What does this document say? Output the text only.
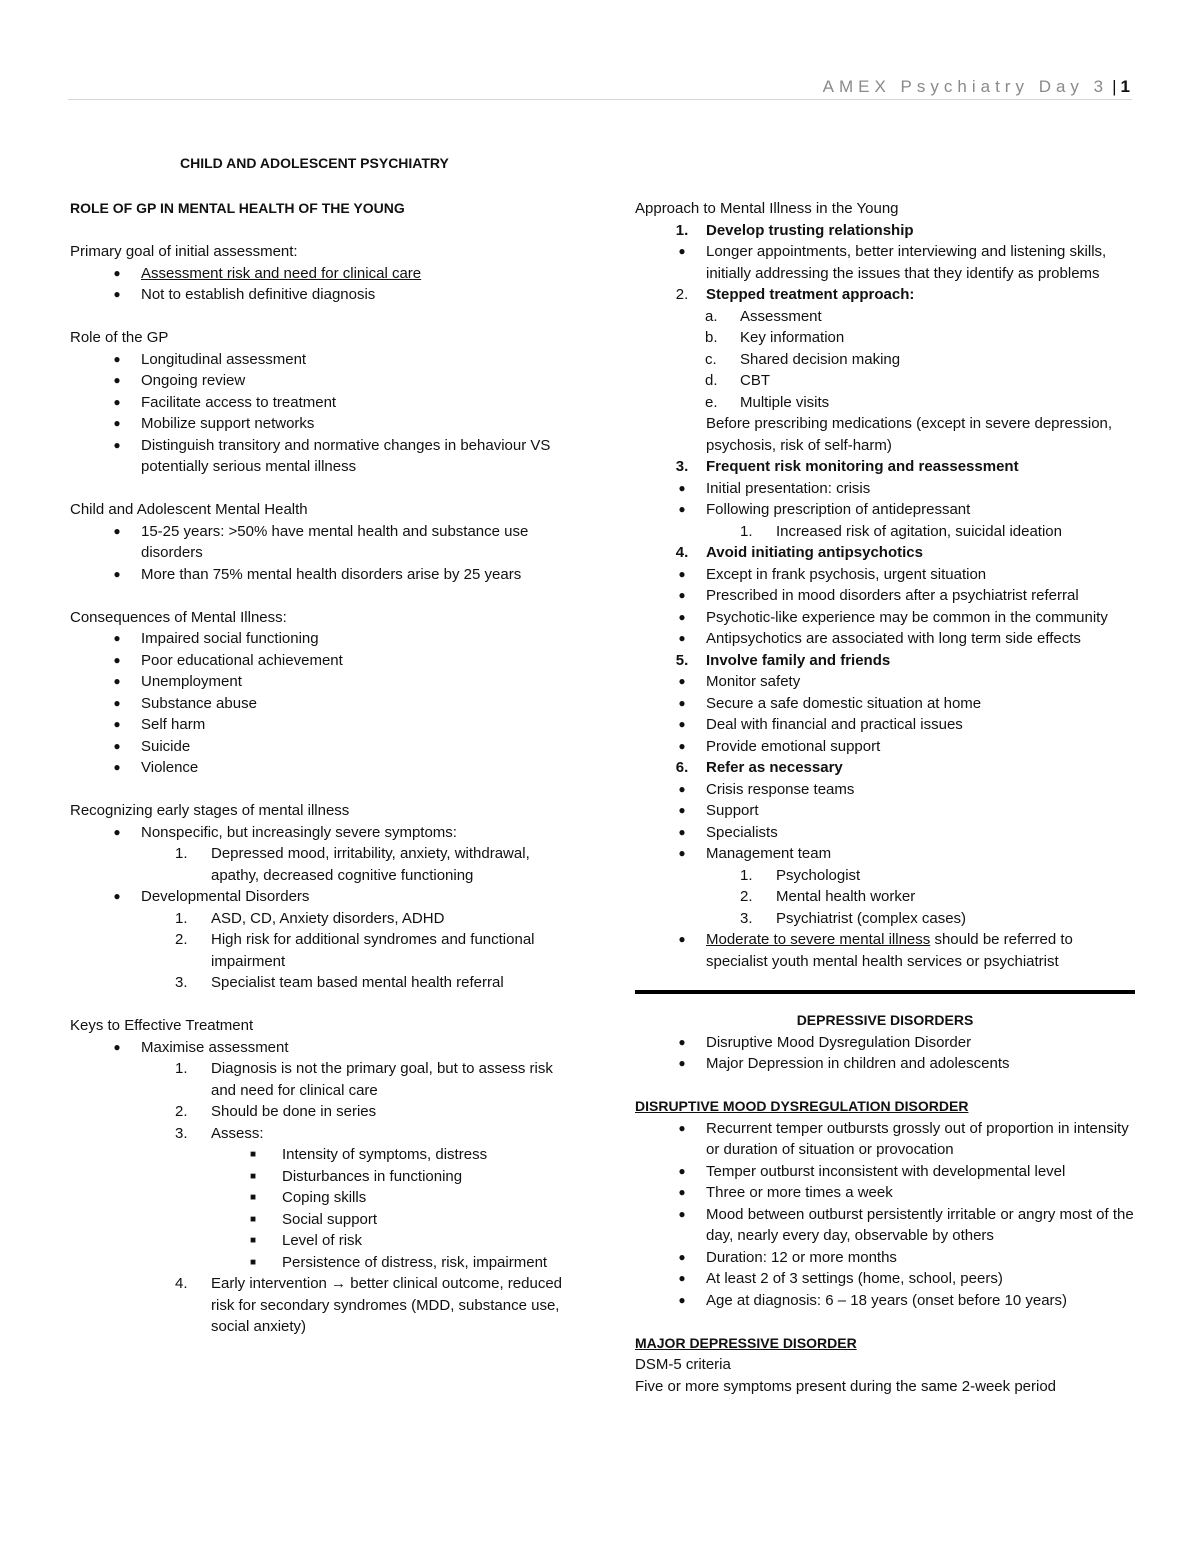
AMEX Psychiatry Day 3 | 1
CHILD AND ADOLESCENT PSYCHIATRY

ROLE OF GP IN MENTAL HEALTH OF THE YOUNG

Primary goal of initial assessment:

●	Assessment risk and need for clinical care
●	Not to establish definitive diagnosis

Role of the GP

●	Longitudinal assessment
●	Ongoing review
●	Facilitate access to treatment
●	Mobilize support networks
●	Distinguish transitory and normative changes in behaviour VS potentially serious mental illness

Child and Adolescent Mental Health

●	15-25 years: >50% have mental health and substance use disorders
●	More than 75% mental health disorders arise by 25 years

Consequences of Mental Illness:

●	Impaired social functioning
●	Poor educational achievement
●	Unemployment
●	Substance abuse
●	Self harm
●	Suicide
●	Violence

Recognizing early stages of mental illness

●	Nonspecific, but increasingly severe symptoms:
1.	Depressed mood, irritability, anxiety, withdrawal, apathy, decreased cognitive functioning
●	Developmental Disorders
1.	ASD, CD, Anxiety disorders, ADHD
2.	High risk for additional syndromes and functional impairment
3.	Specialist team based mental health referral

Keys to Effective Treatment

●	Maximise assessment
1.	Diagnosis is not the primary goal, but to assess risk and need for clinical care
2.	Should be done in series
3.	Assess:
■	Intensity of symptoms, distress
■	Disturbances in functioning
■	Coping skills
■	Social support
■	Level of risk
■	Persistence of distress, risk, impairment
4.	Early intervention → better clinical outcome, reduced risk for secondary syndromes (MDD, substance use, social anxiety)

Approach to Mental Illness in the Young

1.	Develop trusting relationship
●	Longer appointments, better interviewing and listening skills, initially addressing the issues that they identify as problems
2.	Stepped treatment approach:
a.	Assessment
b.	Key information
c.	Shared decision making
d.	CBT
e.	Multiple visits
Before prescribing medications (except in severe depression, psychosis, risk of self-harm)
3.	Frequent risk monitoring and reassessment
●	Initial presentation: crisis
●	Following prescription of antidepressant
1.	Increased risk of agitation, suicidal ideation
4.	Avoid initiating antipsychotics
●	Except in frank psychosis, urgent situation
●	Prescribed in mood disorders after a psychiatrist referral
●	Psychotic-like experience may be common in the community
●	Antipsychotics are associated with long term side effects
5.	Involve family and friends
●	Monitor safety
●	Secure a safe domestic situation at home
●	Deal with financial and practical issues
●	Provide emotional support
6.	Refer as necessary
●	Crisis response teams
●	Support
●	Specialists
●	Management team
1.	Psychologist
2.	Mental health worker
3.	Psychiatrist (complex cases)
●	Moderate to severe mental illness should be referred to specialist youth mental health services or psychiatrist

DEPRESSIVE DISORDERS

●	Disruptive Mood Dysregulation Disorder
●	Major Depression in children and adolescents

DISRUPTIVE MOOD DYSREGULATION DISORDER

●	Recurrent temper outbursts grossly out of proportion in intensity or duration of situation or provocation
●	Temper outburst inconsistent with developmental level
●	Three or more times a week
●	Mood between outburst persistently irritable or angry most of the day, nearly every day, observable by others
●	Duration: 12 or more months
●	At least 2 of 3 settings (home, school, peers)
●	Age at diagnosis: 6 – 18 years (onset before 10 years)

MAJOR DEPRESSIVE DISORDER

DSM-5 criteria

Five or more symptoms present during the same 2-week period
